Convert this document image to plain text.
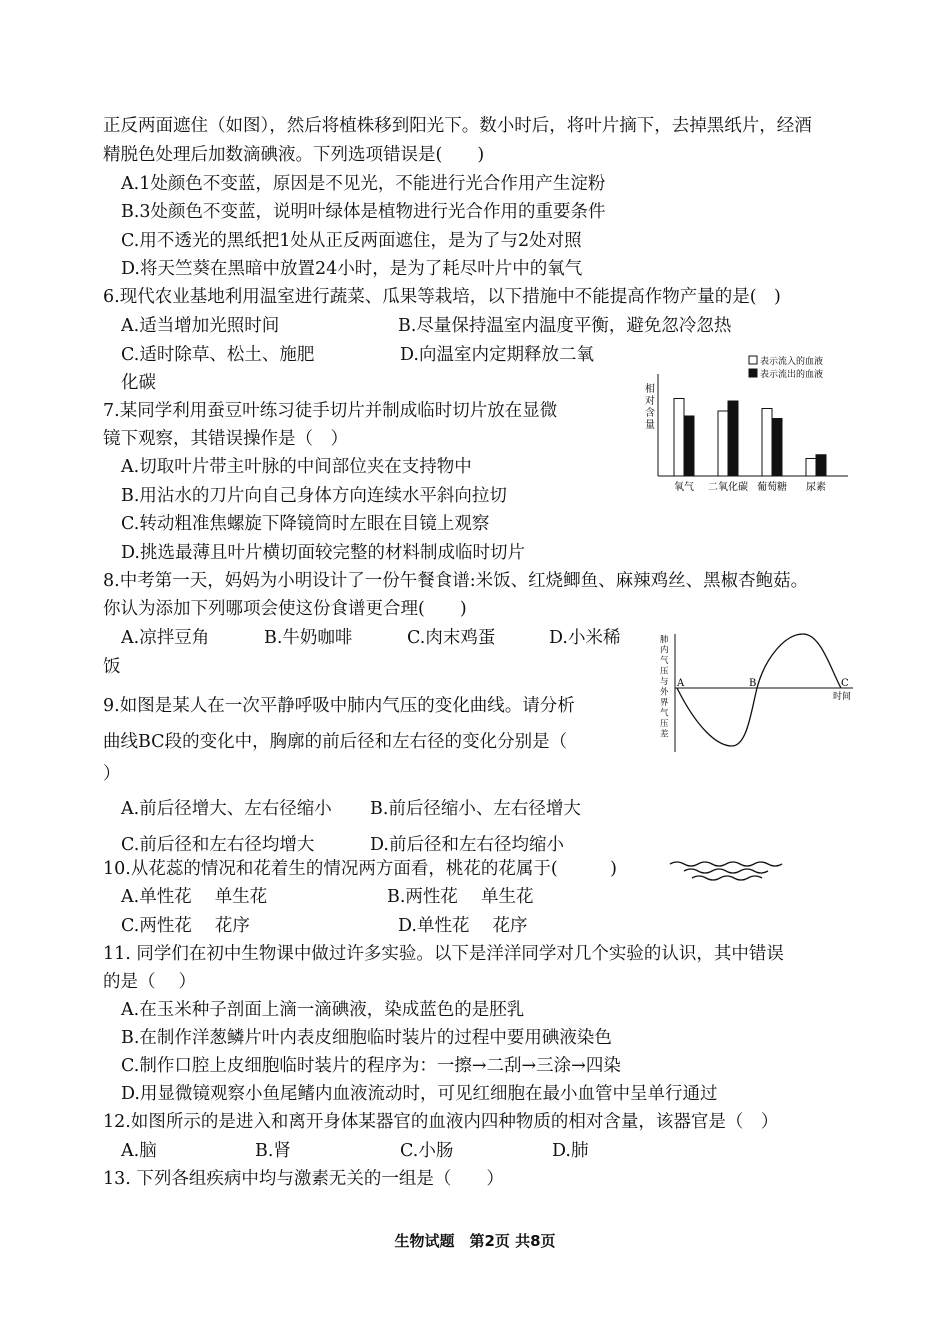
正反两面遮住（如图），然后将植株移到阳光下。数小时后，将叶片摘下，去掉黑纸片，经酒
精脱色处理后加数滴碘液。下列选项错误是(　　)
A.1处颜色不变蓝，原因是不见光，不能进行光合作用产生淀粉
B.3处颜色不变蓝，说明叶绿体是植物进行光合作用的重要条件
C.用不透光的黑纸把1处从正反两面遮住，是为了与2处对照
D.将天竺葵在黑暗中放置24小时，是为了耗尽叶片中的氧气
6.现代农业基地利用温室进行蔬菜、瓜果等栽培，以下措施中不能提高作物产量的是(　)
A.适当增加光照时间	B.尽量保持温室内温度平衡，避免忽冷忽热
C.适时除草、松土、施肥	D.向温室内定期释放二氧
化碳
7.某同学利用蚕豆叶练习徒手切片并制成临时切片放在显微
镜下观察，其错误操作是（　）
A.切取叶片带主叶脉的中间部位夹在支持物中
B.用沾水的刀片向自己身体方向连续水平斜向拉切
C.转动粗准焦螺旋下降镜筒时左眼在目镜上观察
D.挑选最薄且叶片横切面较完整的材料制成临时切片
8.中考第一天，妈妈为小明设计了一份午餐食谱:米饭、红烧鲫鱼、麻辣鸡丝、黑椒杏鲍菇。
你认为添加下列哪项会使这份食谱更合理(　　)
A.凉拌豆角	B.牛奶咖啡	C.肉末鸡蛋	D.小米稀
饭
9.如图是某人在一次平静呼吸中肺内气压的变化曲线。请分析
曲线BC段的变化中，胸廓的前后径和左右径的变化分别是（
）
A.前后径增大、左右径缩小 B.前后径缩小、左右径增大
C.前后径和左右径均增大	D.前后径和左右径均缩小
10.从花蕊的情况和花着生的情况两方面看，桃花的花属于(　　　)
A.单性花　 单生花	B.两性花　 单生花
C.两性花　 花序	D.单性花　 花序
11. 同学们在初中生物课中做过许多实验。以下是洋洋同学对几个实验的认识，其中错误
的是（　 ）
A.在玉米种子剖面上滴一滴碘液，染成蓝色的是胚乳
B.在制作洋葱鳞片叶内表皮细胞临时装片的过程中要用碘液染色
C.制作口腔上皮细胞临时装片的程序为：一擦→二刮→三涂→四染
D.用显微镜观察小鱼尾鳍内血液流动时，可见红细胞在最小血管中呈单行通过
12.如图所示的是进入和离开身体某器官的血液内四种物质的相对含量，该器官是（　）
A.脑	B.肾	C.小肠	D.肺
13. 下列各组疾病中均与激素无关的一组是（　　）
生物试题　第2页 共8页
相对含量
表示流入的血液
表示流出的血液
氧气 二氧化碳 葡萄糖 尿素
肺内气压与外界气压差
A	B	C
时间
